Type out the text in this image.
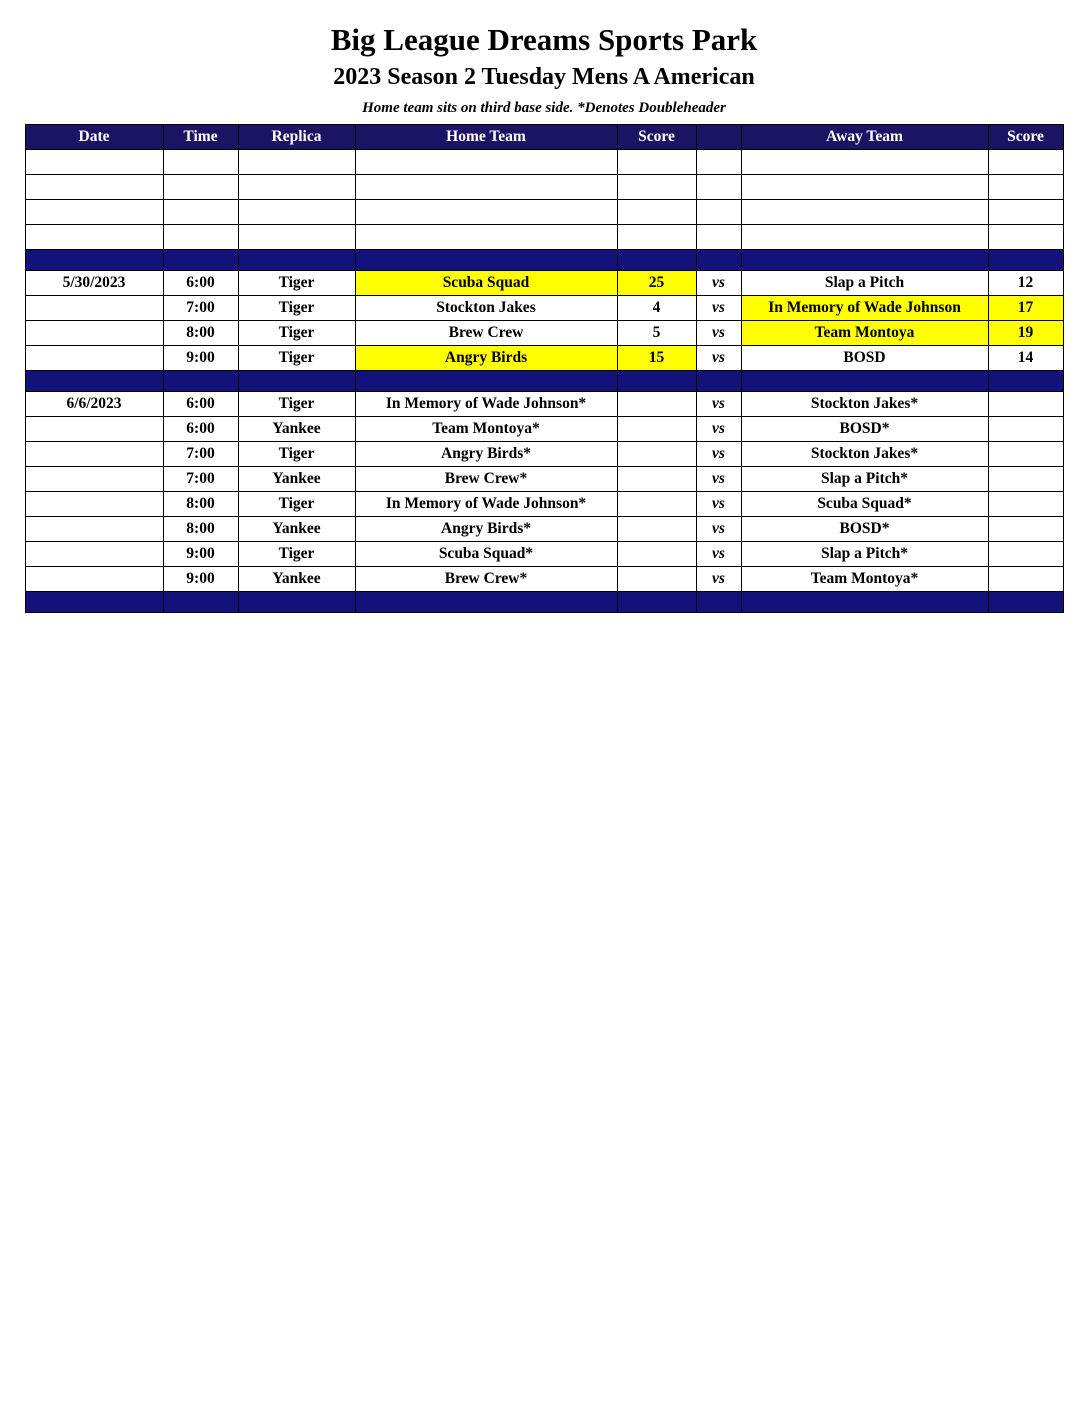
Big League Dreams Sports Park
2023 Season 2 Tuesday Mens A American
Home team sits on third base side. *Denotes Doubleheader
Date	Time	Replica	Home Team	Score		Away Team	Score

5/30/2023	6:00	Tiger	Scuba Squad	25	vs	Slap a Pitch	12
	7:00	Tiger	Stockton Jakes	4	vs	In Memory of Wade Johnson	17
	8:00	Tiger	Brew Crew	5	vs	Team Montoya	19
	9:00	Tiger	Angry Birds	15	vs	BOSD	14

6/6/2023	6:00	Tiger	In Memory of Wade Johnson*		vs	Stockton Jakes*	
	6:00	Yankee	Team Montoya*		vs	BOSD*	
	7:00	Tiger	Angry Birds*		vs	Stockton Jakes*	
	7:00	Yankee	Brew Crew*		vs	Slap a Pitch*	
	8:00	Tiger	In Memory of Wade Johnson*		vs	Scuba Squad*	
	8:00	Yankee	Angry Birds*		vs	BOSD*	
	9:00	Tiger	Scuba Squad*		vs	Slap a Pitch*	
	9:00	Yankee	Brew Crew*		vs	Team Montoya*	
